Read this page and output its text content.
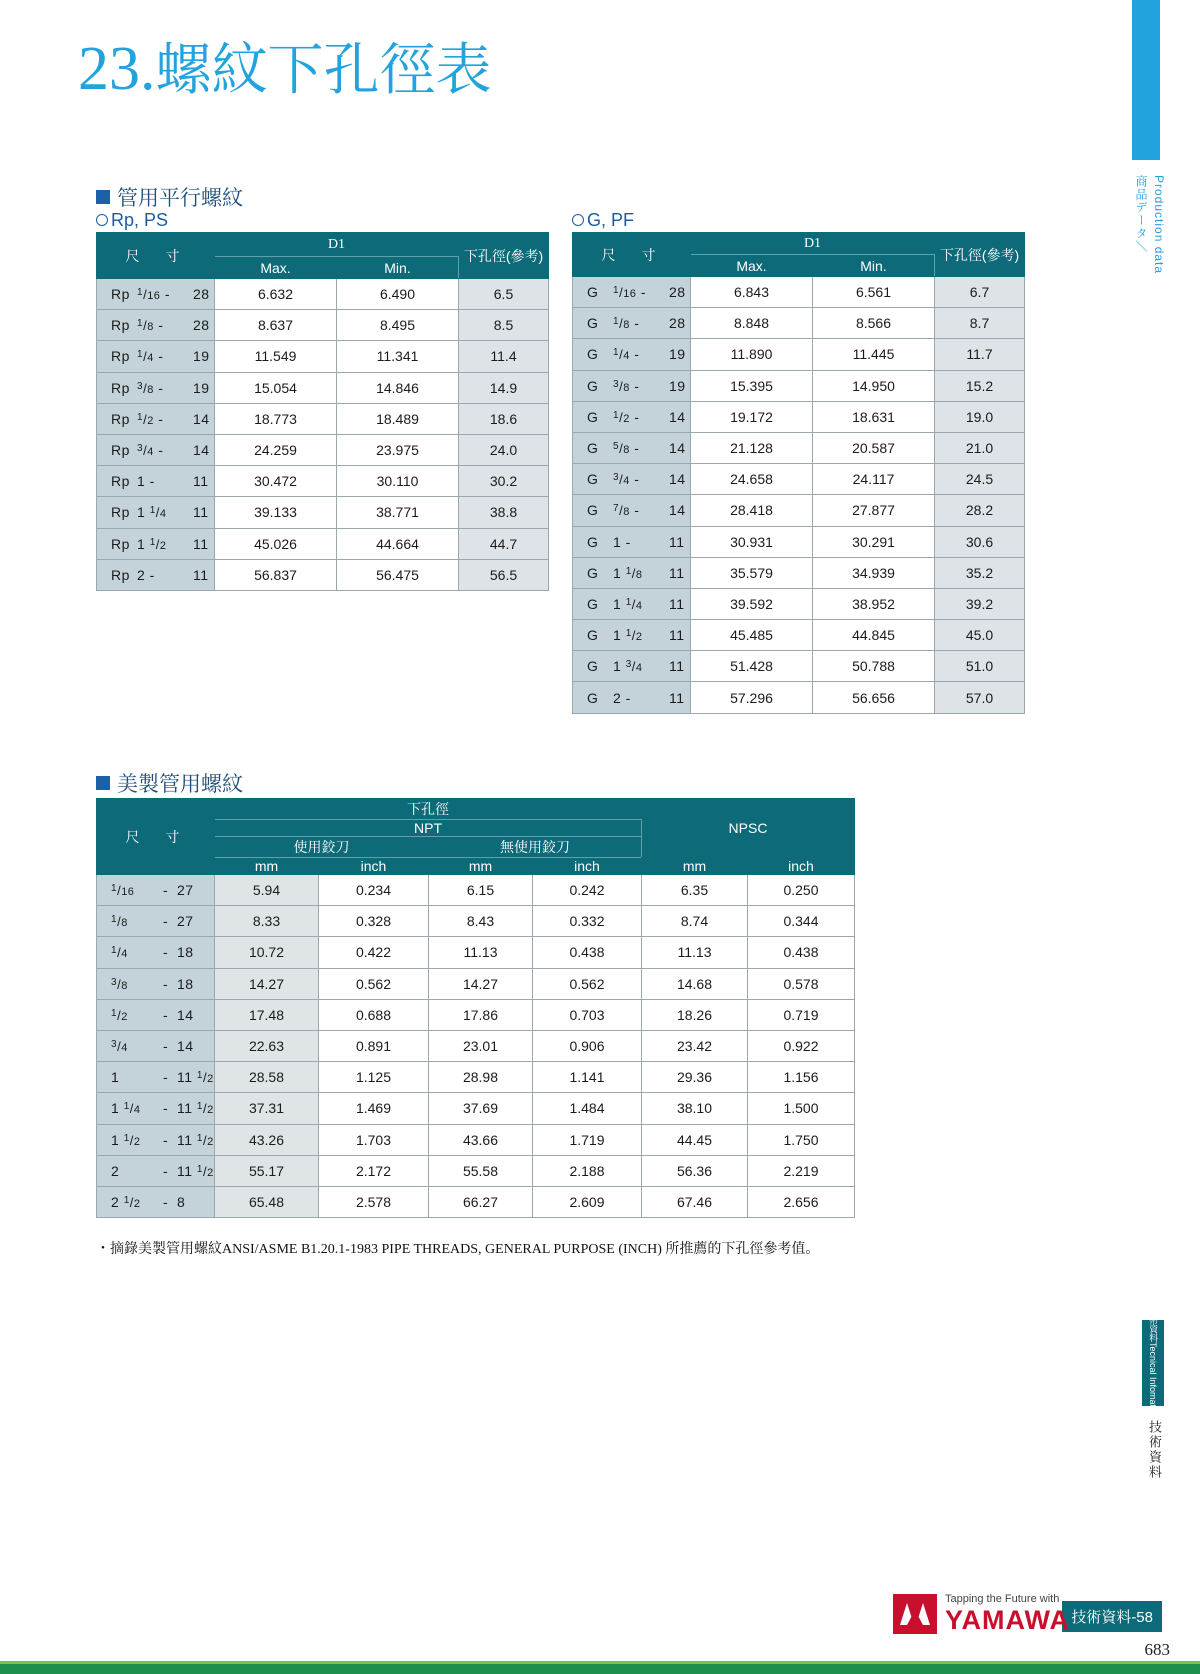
Production data
商品データ＼
技術資料
Tecnical Infomation
技術資料
23.螺紋下孔徑表
管用平行螺紋
Rp, PS	G, PF
尺　寸	D1		下孔徑(參考)
	Max.	Min.	
Rp $^1$/16 - 28	6.632	6.490	6.5
Rp $^1$/8 - 28	8.637	8.495	8.5
Rp $^1$/4 - 19	11.549	11.341	11.4
Rp $^3$/8 - 19	15.054	14.846	14.9
Rp $^1$/2 - 14	18.773	18.489	18.6
Rp $^3$/4 - 14	24.259	23.975	24.0
Rp 1 - 11	30.472	30.110	30.2
Rp 1 $^1$/4 11	39.133	38.771	38.8
Rp 1 $^1$/2 11	45.026	44.664	44.7
Rp 2 - 11	56.837	56.475	56.5
尺　寸	D1		下孔徑(參考)
	Max.	Min.	
G $^1$/16 - 28	6.843	6.561	6.7
G $^1$/8 - 28	8.848	8.566	8.7
G $^1$/4 - 19	11.890	11.445	11.7
G $^3$/8 - 19	15.395	14.950	15.2
G $^1$/2 - 14	19.172	18.631	19.0
G $^5$/8 - 14	21.128	20.587	21.0
G $^3$/4 - 14	24.658	24.117	24.5
G $^7$/8 - 14	28.418	27.877	28.2
G 1 - 11	30.931	30.291	30.6
G 1 $^1$/8 11	35.579	34.939	35.2
G 1 $^1$/4 11	39.592	38.952	39.2
G 1 $^1$/2 11	45.485	44.845	45.0
G 1 $^3$/4 11	51.428	50.788	51.0
G 2 - 11	57.296	56.656	57.0
美製管用螺紋
尺　寸	下孔徑				NPSC	
	NPT					
	使用鉸刀		無使用鉸刀			
	mm	inch	mm	inch	mm	inch
$^1$/16 -  27	5.94	0.234	6.15	0.242	6.35	0.250
$^1$/8 -  27	8.33	0.328	8.43	0.332	8.74	0.344
$^1$/4 -  18	10.72	0.422	11.13	0.438	11.13	0.438
$^3$/8 -  18	14.27	0.562	14.27	0.562	14.68	0.578
$^1$/2 -  14	17.48	0.688	17.86	0.703	18.26	0.719
$^3$/4 -  14	22.63	0.891	23.01	0.906	23.42	0.922
1 -  11 $^1$/2	28.58	1.125	28.98	1.141	29.36	1.156
1 $^1$/4 -  11 $^1$/2	37.31	1.469	37.69	1.484	38.10	1.500
1 $^1$/2 -  11 $^1$/2	43.26	1.703	43.66	1.719	44.45	1.750
2 -  11 $^1$/2	55.17	2.172	55.58	2.188	56.36	2.219
2 $^1$/2 -  8	65.48	2.578	66.27	2.609	67.46	2.656
・摘錄美製管用螺紋ANSI/ASME B1.20.1-1983 PIPE THREADS, GENERAL PURPOSE (INCH) 所推薦的下孔徑參考值。
技術資料-58
Tapping the Future with
YAMAWA
683
